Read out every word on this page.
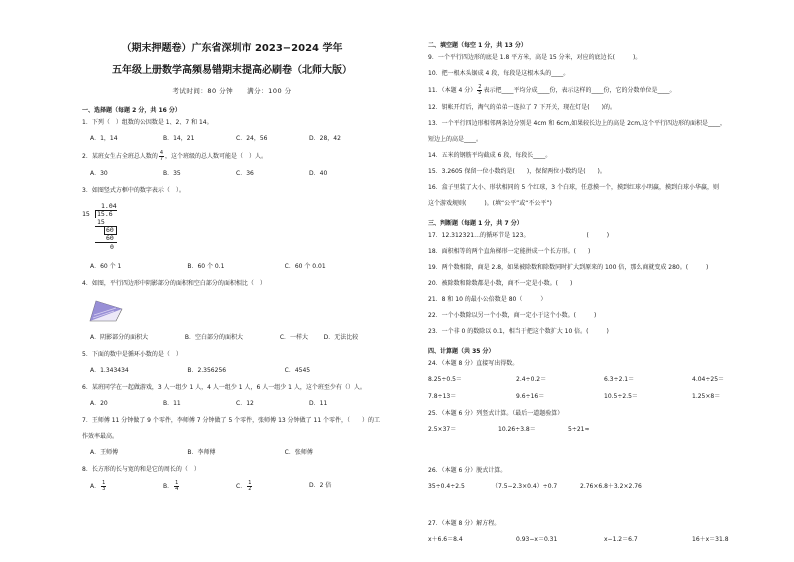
（期末押题卷）广东省深圳市 2023−2024 学年
五年级上册数学高频易错期末提高必刷卷（北师大版）
考试时间：80 分钟　　满分：100 分
一、选择题（每题 2 分，共 16 分）
1．下列（　）组数的公因数是 1、2、7 和 14。
A．1，14	B．14，21	C．24，56	D．28，42
2．某班女生占全班总人数的 $\frac{4}{7}$ ，这个班级的总人数可能是（　）人。
A．30	B．35	C．36	D．40
3．如图竖式方框中的数字表示（　）。
1.04
15 15.6
15
60
60
0
A．60 个 1	B．60 个 0.1	C．60 个 0.01
4．如图，平行四边形中阴影部分的面积和空白部分的面积相比（　）
A．阴影部分的面积大	B．空白部分的面积大	C．一样大	D．无法比较
5．下面的数中是循环小数的是（　）
A．1.343434	B．2.356256	C．4545
6．某班同学在一起做游戏，3 人一组少 1 人，4 人一组少 1 人，6 人一组少 1 人，这个班至少有（）人。
A．20	B．11	C．12	D．11
7．王师傅 11 分钟做了 9 个零件，李师傅 7 分钟做了 5 个零件，张师傅 13 分钟做了 11 个零件，（　　）的工
作效率最高。
A．王师傅	B．李师傅	C．张师傅
8．长方形的长与宽的和是它的周长的（　）
A． $\frac{1}{3}$	B． $\frac{1}{4}$	C． $\frac{1}{2}$	D．2 倍
二、填空题（每空 1 分，共 13 分）
9．一个平行四边形的底是 1.8 平方米，高是 15 分米，对应的底边长(　　　)。
10．把一根木头锯成 4 段，每段是这根木头的____。
11．（本题 4 分） $\frac{2}{5}$ 表示把____平均分成____份，表示这样的____份，它的分数单位是____。
12．钥帐开灯后，淘气的弟弟一连拉了 7 下开关，现在灯是(　　)的。
13．一个平行四边形相邻两条边分别是 4cm 和 6cm,如果较长边上的高是 2cm,这个平行四边形的面积是____，
短边上的高是____。
14．五米的钢筋平均截成 6 段，每段长____。
15．3.2605 保留一位小数约是(　　)，保留两位小数约是(　　)。
16．盒子里装了大小、形状相同的 5 个红球，3 个白球，任意摸一个，摸到红球小明赢，摸到白球小华赢，则
这个游戏规则(　　　)。(填“公平”或“不公平”)
三、判断题（每题 1 分，共 7 分）
17．12.312321…的循环节是 123。　　　　　　　　　　(　　　)
18．面积相等的两个直角梯形一定能拼成一个长方形。(　　)
19．两个数相除，商是 2.8，如果被除数和除数同时扩大到原来的 100 倍，那么商就变成 280。(　　　)
20．被除数和除数都是小数，商不一定是小数。(　　)
21．8 和 10 的最小公倍数是 80（　　　）
22．一个小数除以另一个小数，商一定小于这个小数。(　　　)
23．一个非 0 的数除以 0.1，相当于把这个数扩大 10 倍。(　　　)
四、计算题（共 35 分）
24．（本题 8 分）直接写出得数。
8.25÷0.5＝	2.4÷0.2＝	6.3÷2.1＝	4.04÷25＝
7.8÷13＝	9.6÷16＝	10.5÷2.5＝	1.25×8＝
25．（本题 6 分）列竖式计算。（最后一道题验算）
2.5×37＝	10.26÷3.8＝	5÷21≈
26．（本题 6 分）脱式计算。
35÷0.4÷2.5	（7.5−2.3×0.4）÷0.7	2.76×6.8＋3.2×2.76
27．（本题 8 分）解方程。
x＋6.6＝8.4	0.93−x＝0.31	x−1.2＝6.7	16＋x＝31.8
